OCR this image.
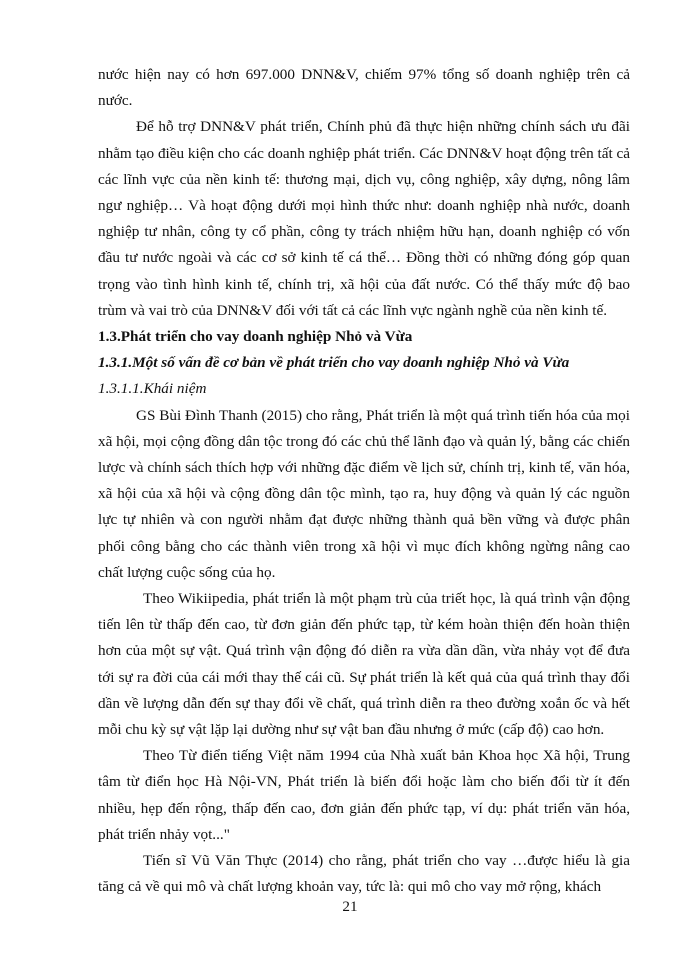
nước hiện nay có hơn 697.000 DNN&V, chiếm 97% tổng số doanh nghiệp trên cả nước.

Để hỗ trợ DNN&V phát triển, Chính phủ đã thực hiện những chính sách ưu đãi nhằm tạo điều kiện cho các doanh nghiệp phát triển. Các DNN&V hoạt động trên tất cả các lĩnh vực của nền kinh tế: thương mại, dịch vụ, công nghiệp, xây dựng, nông lâm ngư nghiệp… Và hoạt động dưới mọi hình thức như: doanh nghiệp nhà nước, doanh nghiệp tư nhân, công ty cổ phần, công ty trách nhiệm hữu hạn, doanh nghiệp có vốn đầu tư nước ngoài và các cơ sở kinh tế cá thể… Đồng thời có những đóng góp quan trọng vào tình hình kinh tế, chính trị, xã hội của đất nước. Có thể thấy mức độ bao trùm và vai trò của DNN&V đối với tất cả các lĩnh vực ngành nghề của nền kinh tế.

1.3.Phát triển cho vay doanh nghiệp Nhỏ và Vừa

1.3.1.Một số vấn đề cơ bản về phát triển cho vay doanh nghiệp Nhỏ và Vừa

1.3.1.1.Khái niệm

GS Bùi Đình Thanh (2015) cho rằng, Phát triển là một quá trình tiến hóa của mọi xã hội, mọi cộng đồng dân tộc trong đó các chủ thể lãnh đạo và quản lý, bằng các chiến lược và chính sách thích hợp với những đặc điểm về lịch sử, chính trị, kinh tế, văn hóa, xã hội của xã hội và cộng đồng dân tộc mình, tạo ra, huy động và quản lý các nguồn lực tự nhiên và con người nhằm đạt được những thành quả bền vững và được phân phối công bằng cho các thành viên trong xã hội vì mục đích không ngừng nâng cao chất lượng cuộc sống của họ.

Theo Wikiipedia, phát triển là một phạm trù của triết học, là quá trình vận động tiến lên từ thấp đến cao, từ đơn giản đến phức tạp, từ kém hoàn thiện đến hoàn thiện hơn của một sự vật. Quá trình vận động đó diễn ra vừa dần dần, vừa nhảy vọt để đưa tới sự ra đời của cái mới thay thế cái cũ. Sự phát triển là kết quả của quá trình thay đổi dần về lượng dẫn đến sự thay đổi về chất, quá trình diễn ra theo đường xoắn ốc và hết mỗi chu kỳ sự vật lặp lại dường như sự vật ban đầu nhưng ở mức (cấp độ) cao hơn.

Theo Từ điển tiếng Việt năm 1994 của Nhà xuất bản Khoa học Xã hội, Trung tâm từ điển học Hà Nội-VN, Phát triển là biến đổi hoặc làm cho biến đổi từ ít đến nhiều, hẹp đến rộng, thấp đến cao, đơn giản đến phức tạp, ví dụ: phát triển văn hóa, phát triển nhảy vọt..."

Tiến sĩ Vũ Văn Thực (2014) cho rằng, phát triển cho vay …được hiểu là gia tăng cả về qui mô và chất lượng khoản vay, tức là: qui mô cho vay mở rộng, khách

21
